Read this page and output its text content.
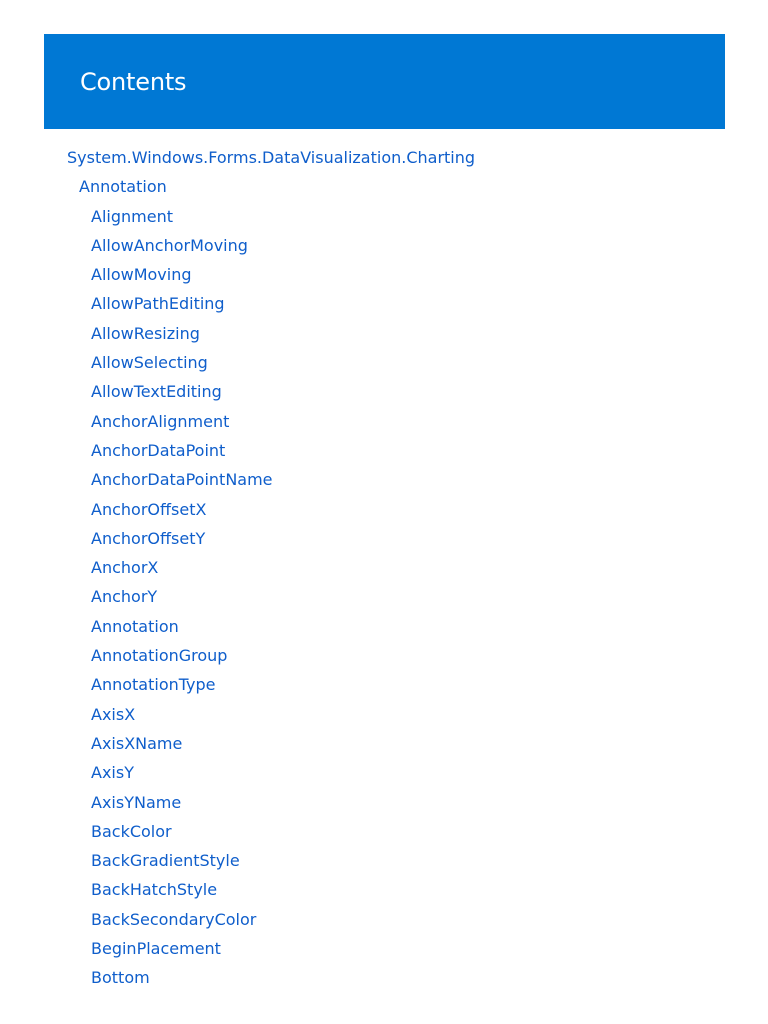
Contents
System.Windows.Forms.DataVisualization.Charting
Annotation
Alignment
AllowAnchorMoving
AllowMoving
AllowPathEditing
AllowResizing
AllowSelecting
AllowTextEditing
AnchorAlignment
AnchorDataPoint
AnchorDataPointName
AnchorOffsetX
AnchorOffsetY
AnchorX
AnchorY
Annotation
AnnotationGroup
AnnotationType
AxisX
AxisXName
AxisY
AxisYName
BackColor
BackGradientStyle
BackHatchStyle
BackSecondaryColor
BeginPlacement
Bottom
